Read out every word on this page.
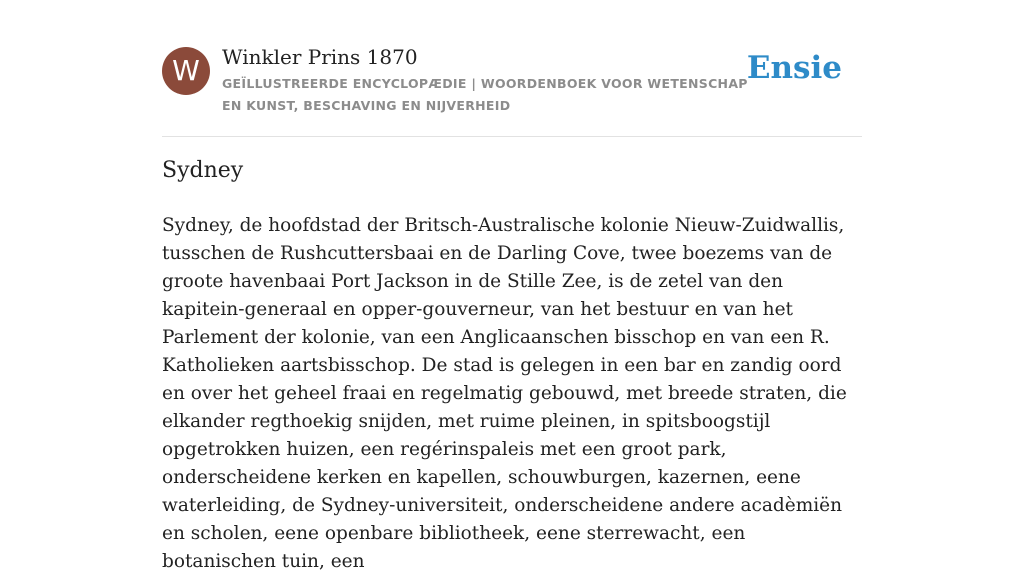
W	Winkler Prins 1870
GEÏLLUSTREERDE ENCYCLOPÆDIE | WOORDENBOEK VOOR WETENSCHAP EN KUNST, BESCHAVING EN NIJVERHEID
Ensie
Sydney

Sydney, de hoofdstad der Britsch-Australische kolonie Nieuw-Zuidwallis, tusschen de Rushcuttersbaai en de Darling Cove, twee boezems van de groote havenbaai Port Jackson in de Stille Zee, is de zetel van den kapitein-generaal en opper-gouverneur, van het bestuur en van het Parlement der kolonie, van een Anglicaanschen bisschop en van een R. Katholieken aartsbisschop. De stad is gelegen in een bar en zandig oord en over het geheel fraai en regelmatig gebouwd, met breede straten, die elkander regthoekig snijden, met ruime pleinen, in spitsboogstijl opgetrokken huizen, een regérinspaleis met een groot park, onderscheidene kerken en kapellen, schouwburgen, kazernen, eene waterleiding, de Sydney-universiteit, onderscheidene andere acadèmiën en scholen, eene openbare bibliotheek, eene sterrewacht, een botanischen tuin, een
